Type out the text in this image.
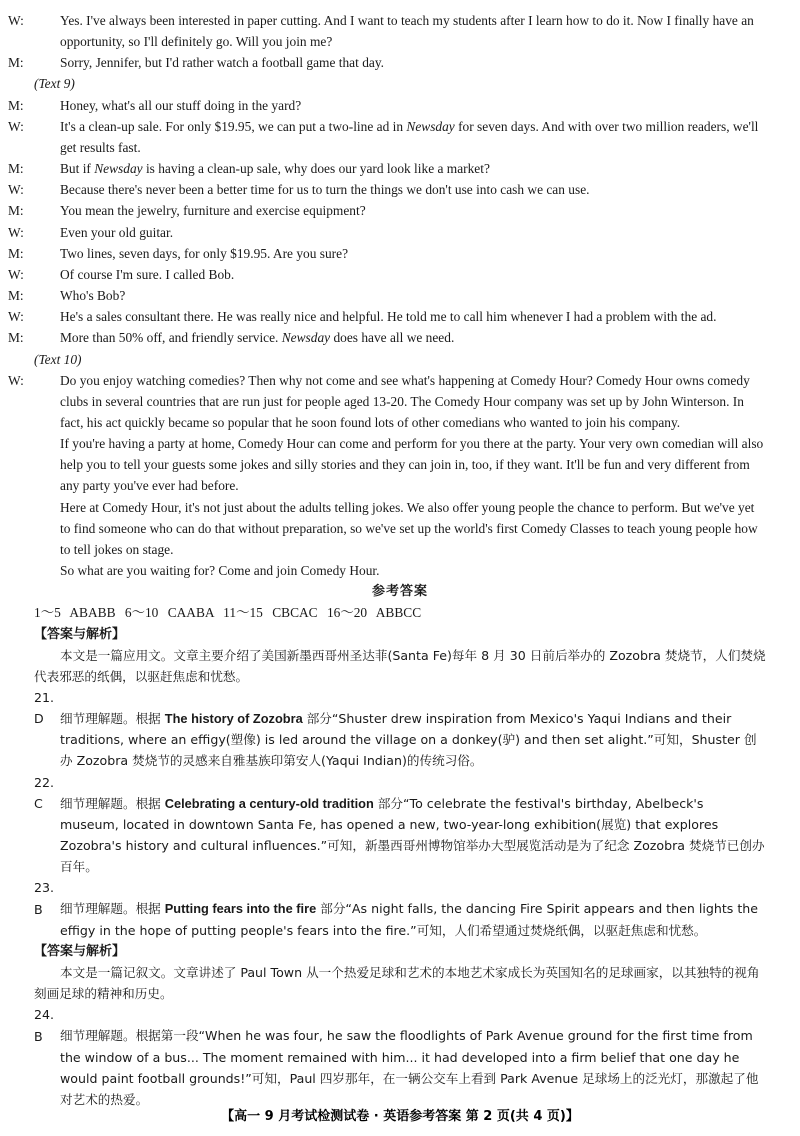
W:	Yes. I've always been interested in paper cutting. And I want to teach my students after I learn how to do it. Now I finally have an opportunity, so I'll definitely go. Will you join me?
M:	Sorry, Jennifer, but I'd rather watch a football game that day.
(Text 9)
M:	Honey, what's all our stuff doing in the yard?
W:	It's a clean-up sale. For only $19.95, we can put a two-line ad in Newsday for seven days. And with over two million readers, we'll get results fast.
M:	But if Newsday is having a clean-up sale, why does our yard look like a market?
W:	Because there's never been a better time for us to turn the things we don't use into cash we can use.
M:	You mean the jewelry, furniture and exercise equipment?
W:	Even your old guitar.
M:	Two lines, seven days, for only $19.95. Are you sure?
W:	Of course I'm sure. I called Bob.
M:	Who's Bob?
W:	He's a sales consultant there. He was really nice and helpful. He told me to call him whenever I had a problem with the ad.
M:	More than 50% off, and friendly service. Newsday does have all we need.
(Text 10)
W:	Do you enjoy watching comedies? Then why not come and see what's happening at Comedy Hour? Comedy Hour owns comedy clubs in several countries that are run just for people aged 13-20. The Comedy Hour company was set up by John Winterson. In fact, his act quickly became so popular that he soon found lots of other comedians who wanted to join his company.
If you're having a party at home, Comedy Hour can come and perform for you there at the party. Your very own comedian will also help you to tell your guests some jokes and silly stories and they can join in, too, if they want. It'll be fun and very different from any party you've ever had before.
Here at Comedy Hour, it's not just about the adults telling jokes. We also offer young people the chance to perform. But we've yet to find someone who can do that without preparation, so we've set up the world's first Comedy Classes to teach young people how to tell jokes on stage.
So what are you waiting for? Come and join Comedy Hour.
参考答案
1～5 ABABB 6～10 CAABA 11～15 CBCAC 16～20 ABBCC
【答案与解析】
本文是一篇应用文。文章主要介绍了美国新墨西哥州圣达菲(Santa Fe)每年 8 月 30 日前后举办的 Zozobra 焚烧节，人们焚烧代表邪恶的纸偶，以驱赶焦虑和忧愁。
21. D 细节理解题。根据 The history of Zozobra 部分“Shuster drew inspiration from Mexico's Yaqui Indians and their traditions, where an effigy(塑像) is led around the village on a donkey(驴) and then set alight.”可知，Shuster 创办 Zozobra 焚烧节的灵感来自雅基族印第安人(Yaqui Indian)的传统习俗。
22. C 细节理解题。根据 Celebrating a century-old tradition 部分“To celebrate the festival's birthday, Abelbeck's museum, located in downtown Santa Fe, has opened a new, two-year-long exhibition(展览) that explores Zozobra's history and cultural influences.”可知，新墨西哥州博物馆举办大型展览活动是为了纪念 Zozobra 焚烧节已创办百年。
23. B 细节理解题。根据 Putting fears into the fire 部分“As night falls, the dancing Fire Spirit appears and then lights the effigy in the hope of putting people's fears into the fire.”可知，人们希望通过焚烧纸偶，以驱赶焦虑和忧愁。
【答案与解析】
本文是一篇记叙文。文章讲述了 Paul Town 从一个热爱足球和艺术的本地艺术家成长为英国知名的足球画家，以其独特的视角刻画足球的精神和历史。
24. B 细节理解题。根据第一段“When he was four, he saw the floodlights of Park Avenue ground for the first time from the window of a bus... The moment remained with him... it had developed into a firm belief that one day he would paint football grounds!”可知，Paul 四岁那年，在一辆公交车上看到 Park Avenue 足球场上的泛光灯，那激起了他对艺术的热爱。
【高一 9 月考试检测试卷 · 英语参考答案 第 2 页(共 4 页)】
